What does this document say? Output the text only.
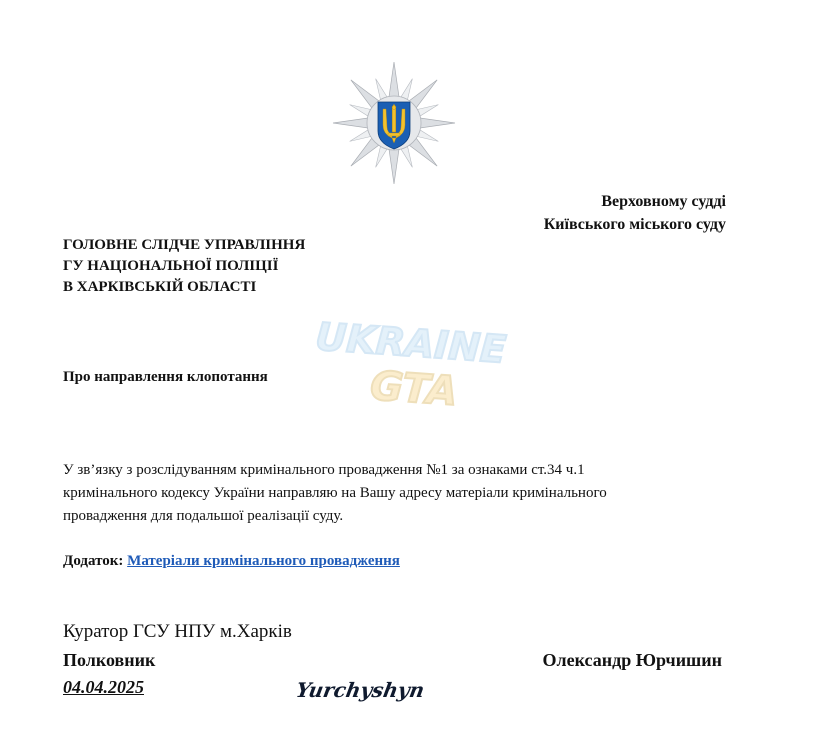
Верховному судді
Київського міського суду
ГОЛОВНЕ СЛІДЧЕ УПРАВЛІННЯ
ГУ НАЦІОНАЛЬНОЇ ПОЛІЦІЇ
В ХАРКІВСЬКІЙ ОБЛАСТІ
UKRAINE
GTA
Про направлення клопотання
У зв’язку з розслідуванням кримінального провадження №1 за ознаками ст.34 ч.1
кримінального кодексу України направляю на Вашу адресу матеріали кримінального
провадження для подальшої реалізації суду.
Додаток: Матеріали кримінального провадження
Куратор ГСУ НПУ м.Харків
Полковник	Олександр Юрчишин
04.04.2025	Yurchyshyn
